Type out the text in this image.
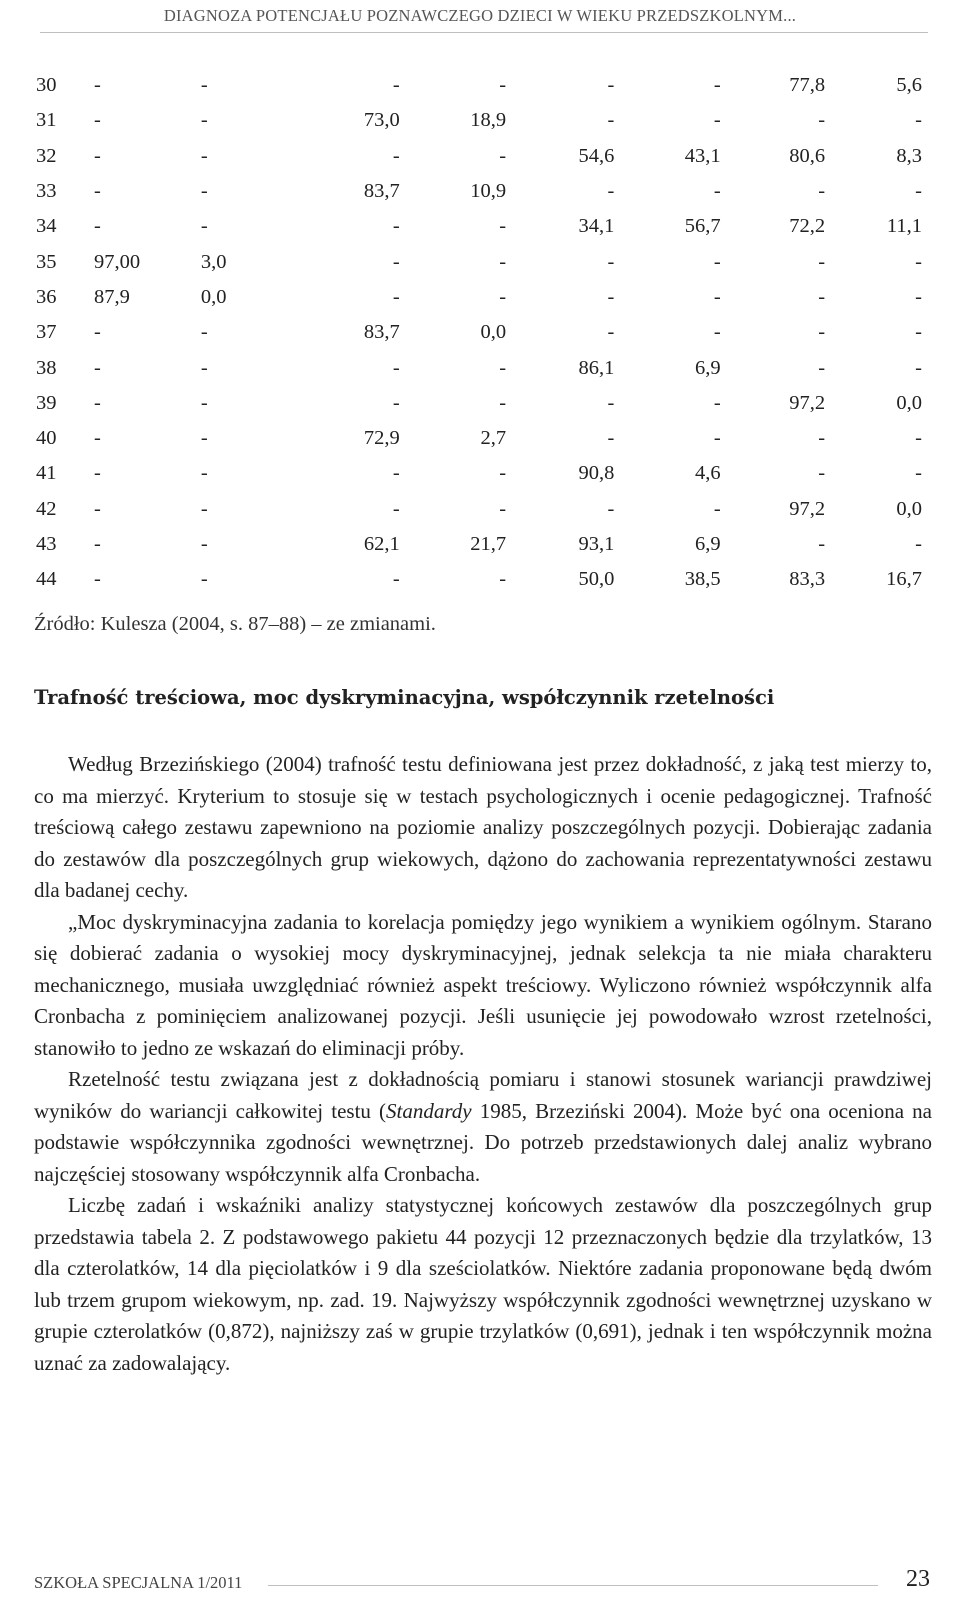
DIAGNOZA POTENCJAŁU POZNAWCZEGO DZIECI W WIEKU PRZEDSZKOLNYM...
30	-	-	-	-	-	-	77,8	5,6
31	-	-	73,0	18,9	-	-	-	-
32	-	-	-	-	54,6	43,1	80,6	8,3
33	-	-	83,7	10,9	-	-	-	-
34	-	-	-	-	34,1	56,7	72,2	11,1
35	97,00	3,0	-	-	-	-	-	-
36	87,9	0,0	-	-	-	-	-	-
37	-	-	83,7	0,0	-	-	-	-
38	-	-	-	-	86,1	6,9	-	-
39	-	-	-	-	-	-	97,2	0,0
40	-	-	72,9	2,7	-	-	-	-
41	-	-	-	-	90,8	4,6	-	-
42	-	-	-	-	-	-	97,2	0,0
43	-	-	62,1	21,7	93,1	6,9	-	-
44	-	-	-	-	50,0	38,5	83,3	16,7
Źródło: Kulesza (2004, s. 87–88) – ze zmianami.
Trafność treściowa, moc dyskryminacyjna, współczynnik rzetelności

Według Brzezińskiego (2004) trafność testu definiowana jest przez dokładność, z jaką test mierzy to, co ma mierzyć. Kryterium to stosuje się w testach psychologicznych i ocenie pedagogicznej. Trafność treściową całego zestawu zapewniono na poziomie analizy poszczególnych pozycji. Dobierając zadania do zestawów dla poszczególnych grup wiekowych, dążono do zachowania reprezentatywności zestawu dla badanej cechy.

„Moc dyskryminacyjna zadania to korelacja pomiędzy jego wynikiem a wynikiem ogólnym. Starano się dobierać zadania o wysokiej mocy dyskryminacyjnej, jednak selekcja ta nie miała charakteru mechanicznego, musiała uwzględniać również aspekt treściowy. Wyliczono również współczynnik alfa Cronbacha z pominięciem analizowanej pozycji. Jeśli usunięcie jej powodowało wzrost rzetelności, stanowiło to jedno ze wskazań do eliminacji próby.

Rzetelność testu związana jest z dokładnością pomiaru i stanowi stosunek wariancji prawdziwej wyników do wariancji całkowitej testu (Standardy 1985, Brzeziński 2004). Może być ona oceniona na podstawie współczynnika zgodności wewnętrznej. Do potrzeb przedstawionych dalej analiz wybrano najczęściej stosowany współczynnik alfa Cronbacha.

Liczbę zadań i wskaźniki analizy statystycznej końcowych zestawów dla poszczególnych grup przedstawia tabela 2. Z podstawowego pakietu 44 pozycji 12 przeznaczonych będzie dla trzylatków, 13 dla czterolatków, 14 dla pięciolatków i 9 dla sześciolatków. Niektóre zadania proponowane będą dwóm lub trzem grupom wiekowym, np. zad. 19. Najwyższy współczynnik zgodności wewnętrznej uzyskano w grupie czterolatków (0,872), najniższy zaś w grupie trzylatków (0,691), jednak i ten współczynnik można uznać za zadowalający.

SZKOŁA SPECJALNA 1/2011	23
